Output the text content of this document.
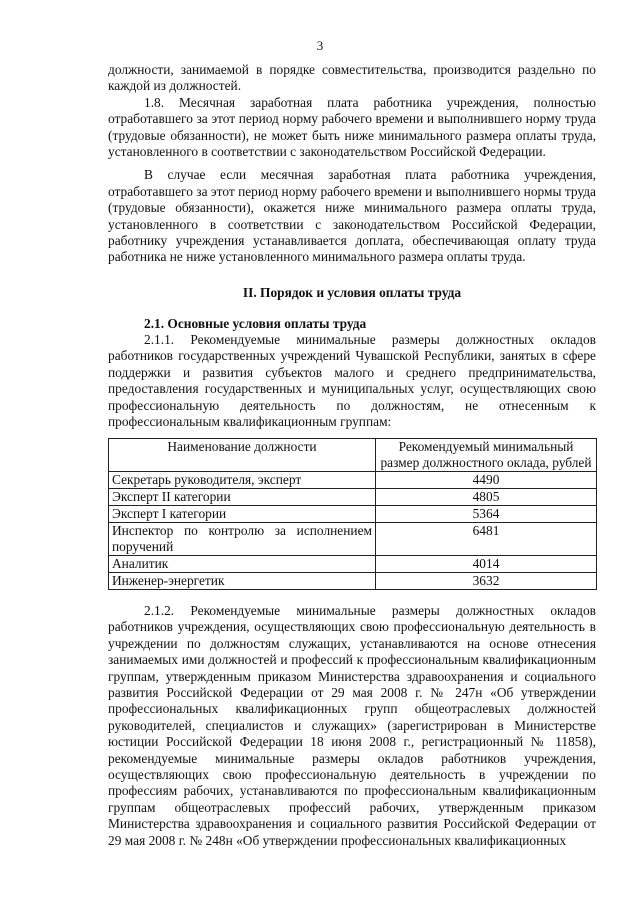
3

должности, занимаемой в порядке совместительства, производится раздельно по каждой из должностей.

1.8. Месячная заработная плата работника учреждения, полностью отработавшего за этот период норму рабочего времени и выполнившего норму труда (трудовые обязанности), не может быть ниже минимального размера оплаты труда, установленного в соответствии с законодательством Российской Федерации.

В случае если месячная заработная плата работника учреждения, отработавшего за этот период норму рабочего времени и выполнившего нормы труда (трудовые обязанности), окажется ниже минимального размера оплаты труда, установленного в соответствии с законодательством Российской Федерации, работнику учреждения устанавливается доплата, обеспечивающая оплату труда работника не ниже установленного минимального размера оплаты труда.

II. Порядок и условия оплаты труда
2.1. Основные условия оплаты труда

2.1.1. Рекомендуемые минимальные размеры должностных окладов работников государственных учреждений Чувашской Республики, занятых в сфере поддержки и развития субъектов малого и среднего предпринимательства, предоставления государственных и муниципальных услуг, осуществляющих свою профессиональную деятельность по должностям, не отнесенным к профессиональным квалификационным группам:

Наименование должности	Рекомендуемый минимальный размер должностного оклада, рублей
Секретарь руководителя, эксперт	4490
Эксперт II категории	4805
Эксперт I категории	5364
Инспектор по контролю за исполнением поручений	6481
Аналитик	4014
Инженер-энергетик	3632

2.1.2. Рекомендуемые минимальные размеры должностных окладов работников учреждения, осуществляющих свою профессиональную деятельность в учреждении по должностям служащих, устанавливаются на основе отнесения занимаемых ими должностей и профессий к профессиональным квалификационным группам, утвержденным приказом Министерства здравоохранения и социального развития Российской Федерации от 29 мая 2008 г. № 247н «Об утверждении профессиональных квалификационных групп общеотраслевых должностей руководителей, специалистов и служащих» (зарегистрирован в Министерстве юстиции Российской Федерации 18 июня 2008 г., регистрационный № 11858), рекомендуемые минимальные размеры окладов работников учреждения, осуществляющих свою профессиональную деятельность в учреждении по профессиям рабочих, устанавливаются по профессиональным квалификационным группам общеотраслевых профессий рабочих, утвержденным приказом Министерства здравоохранения и социального развития Российской Федерации от 29 мая 2008 г. № 248н «Об утверждении профессиональных квалификационных
